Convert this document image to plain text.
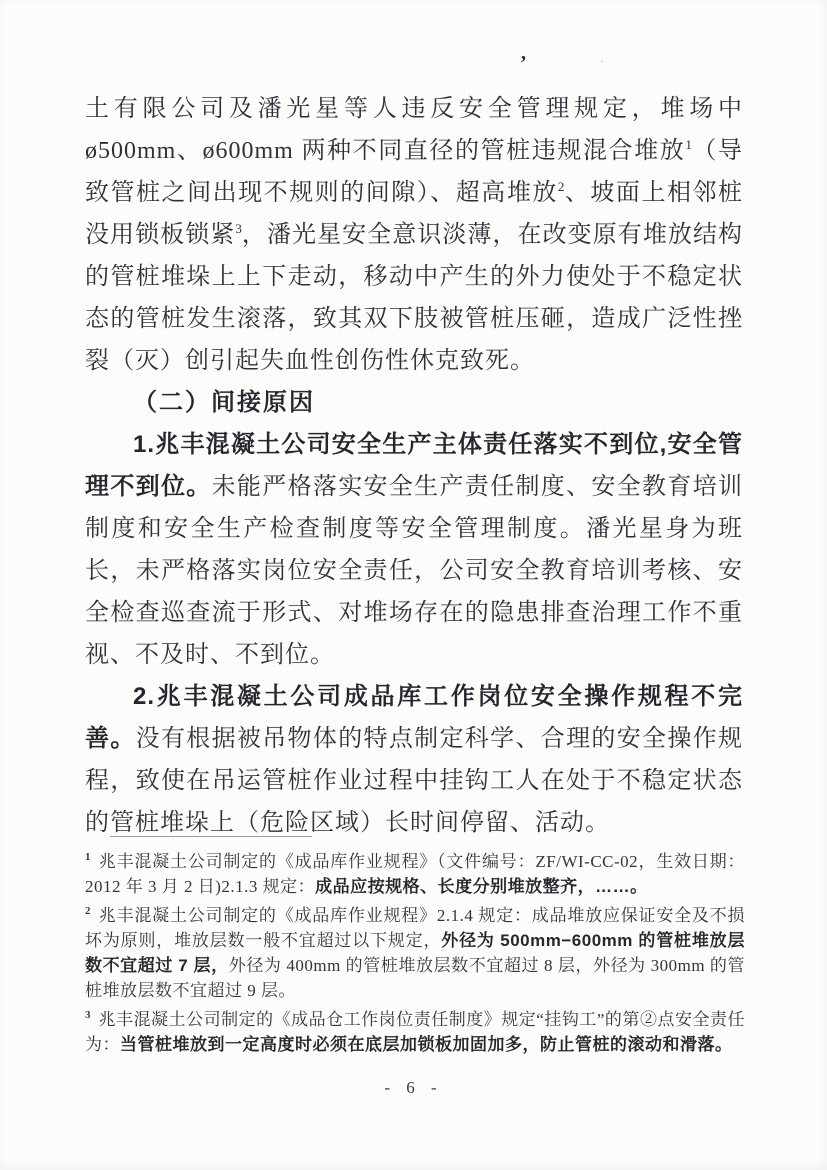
,	·

土有限公司及潘光星等人违反安全管理规定，堆场中ø500mm、ø600mm 两种不同直径的管桩违规混合堆放$^1$（导致管桩之间出现不规则的间隙）、超高堆放$^2$、坡面上相邻桩没用锁板锁紧$^3$，潘光星安全意识淡薄，在改变原有堆放结构的管桩堆垛上上下走动，移动中产生的外力使处于不稳定状态的管桩发生滚落，致其双下肢被管桩压砸，造成广泛性挫裂（灭）创引起失血性创伤性休克致死。

（二）间接原因

1.兆丰混凝土公司安全生产主体责任落实不到位,安全管理不到位。未能严格落实安全生产责任制度、安全教育培训制度和安全生产检查制度等安全管理制度。潘光星身为班长，未严格落实岗位安全责任，公司安全教育培训考核、安全检查巡查流于形式、对堆场存在的隐患排查治理工作不重视、不及时、不到位。

2.兆丰混凝土公司成品库工作岗位安全操作规程不完善。没有根据被吊物体的特点制定科学、合理的安全操作规程，致使在吊运管桩作业过程中挂钩工人在处于不稳定状态的管桩堆垛上（危险区域）长时间停留、活动。

$^1$ 兆丰混凝土公司制定的《成品库作业规程》（文件编号：ZF/WI-CC-02，生效日期：2012 年 3 月 2 日)2.1.3 规定：成品应按规格、长度分别堆放整齐，……。

$^2$ 兆丰混凝土公司制定的《成品库作业规程》2.1.4 规定：成品堆放应保证安全及不损坏为原则，堆放层数一般不宜超过以下规定，外径为 500mm−600mm 的管桩堆放层数不宜超过 7 层，外径为 400mm 的管桩堆放层数不宜超过 8 层，外径为 300mm 的管桩堆放层数不宜超过 9 层。

$^3$ 兆丰混凝土公司制定的《成品仓工作岗位责任制度》规定“挂钩工”的第②点安全责任为：当管桩堆放到一定高度时必须在底层加锁板加固加多，防止管桩的滚动和滑落。

- 6 -
